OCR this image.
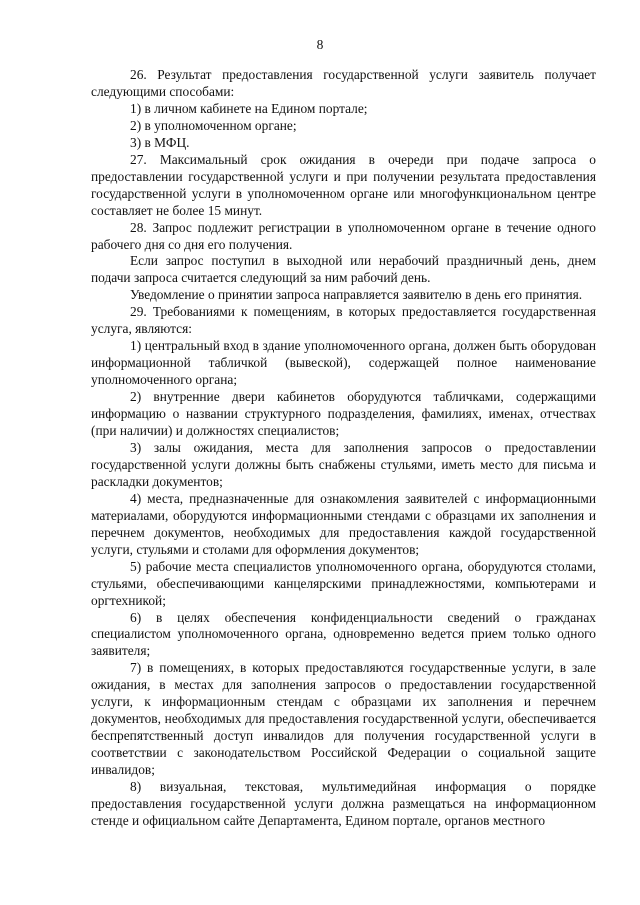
8

26. Результат предоставления государственной услуги заявитель получает следующими способами:

1) в личном кабинете на Едином портале;

2) в уполномоченном органе;

3) в МФЦ.

27. Максимальный срок ожидания в очереди при подаче запроса о предоставлении государственной услуги и при получении результата предоставления государственной услуги в уполномоченном органе или многофункциональном центре составляет не более 15 минут.

28. Запрос подлежит регистрации в уполномоченном органе в течение одного рабочего дня со дня его получения.

Если запрос поступил в выходной или нерабочий праздничный день, днем подачи запроса считается следующий за ним рабочий день.

Уведомление о принятии запроса направляется заявителю в день его принятия.

29. Требованиями к помещениям, в которых предоставляется государственная услуга, являются:

1) центральный вход в здание уполномоченного органа, должен быть оборудован информационной табличкой (вывеской), содержащей полное наименование уполномоченного органа;

2) внутренние двери кабинетов оборудуются табличками, содержащими информацию о названии структурного подразделения, фамилиях, именах, отчествах (при наличии) и должностях специалистов;

3) залы ожидания, места для заполнения запросов о предоставлении государственной услуги должны быть снабжены стульями, иметь место для письма и раскладки документов;

4) места, предназначенные для ознакомления заявителей с информационными материалами, оборудуются информационными стендами с образцами их заполнения и перечнем документов, необходимых для предоставления каждой государственной услуги, стульями и столами для оформления документов;

5) рабочие места специалистов уполномоченного органа, оборудуются столами, стульями, обеспечивающими канцелярскими принадлежностями, компьютерами и оргтехникой;

6) в целях обеспечения конфиденциальности сведений о гражданах специалистом уполномоченного органа, одновременно ведется прием только одного заявителя;

7) в помещениях, в которых предоставляются государственные услуги, в зале ожидания, в местах для заполнения запросов о предоставлении государственной услуги, к информационным стендам с образцами их заполнения и перечнем документов, необходимых для предоставления государственной услуги, обеспечивается беспрепятственный доступ инвалидов для получения государственной услуги в соответствии с законодательством Российской Федерации о социальной защите инвалидов;

8) визуальная, текстовая, мультимедийная информация о порядке предоставления государственной услуги должна размещаться на информационном стенде и официальном сайте Департамента, Едином портале, органов местного
